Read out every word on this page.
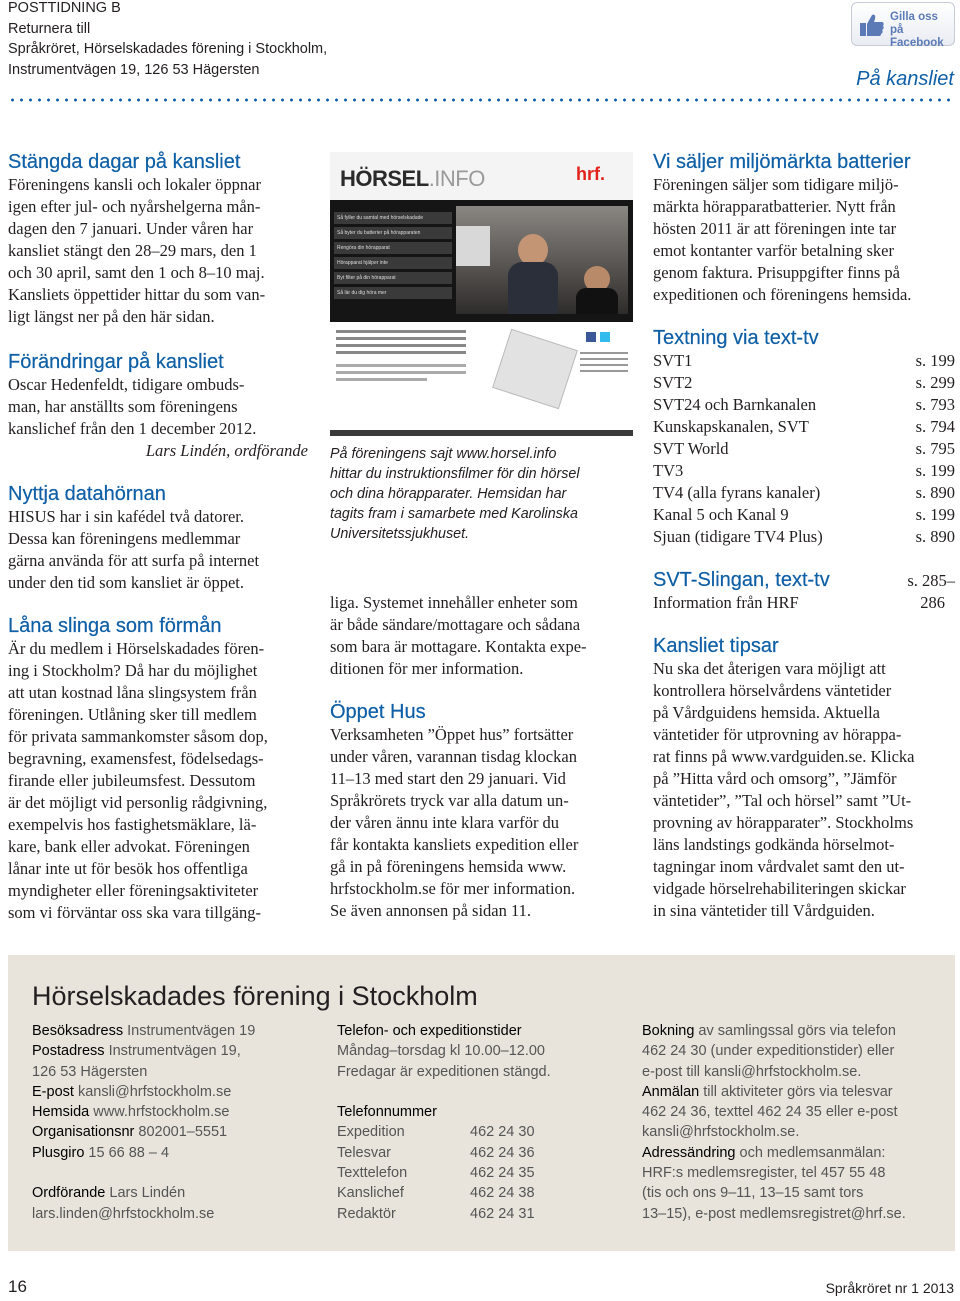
POSTTIDNING B
Returnera till
Språkröret, Hörselskadades förening i Stockholm,
Instrumentvägen 19, 126 53 Hägersten
Gilla oss på
Facebook
På kansliet
Stängda dagar på kansliet
Föreningens kansli och lokaler öppnar
igen efter jul- och nyårshelgerna mån-
dagen den 7 januari. Under våren har
kansliet stängt den 28–29 mars, den 1
och 30 april, samt den 1 och 8–10 maj.
Kansliets öppettider hittar du som van-
ligt längst ner på den här sidan.
Förändringar på kansliet
Oscar Hedenfeldt, tidigare ombuds-
man, har anställts som föreningens
kanslichef från den 1 december 2012.
Lars Lindén, ordförande
Nyttja datahörnan
HISUS har i sin kafédel två datorer.
Dessa kan föreningens medlemmar
gärna använda för att surfa på internet
under den tid som kansliet är öppet.
Låna slinga som förmån
Är du medlem i Hörselskadades fören-
ing i Stockholm? Då har du möjlighet
att utan kostnad låna slingsystem från
föreningen. Utlåning sker till medlem
för privata sammankomster såsom dop,
begravning, examensfest, födelsedags-
firande eller jubileumsfest. Dessutom
är det möjligt vid personlig rådgivning,
exempelvis hos fastighetsmäklare, lä-
kare, bank eller advokat. Föreningen
lånar inte ut för besök hos offentliga
myndigheter eller föreningsaktiviteter
som vi förväntar oss ska vara tillgäng-
HÖRSEL.INFO	hrf.
Så fyller du samtal med hörselskadade
Så byter du batterier på hörapparaten
Rengöra din hörapparat
Hörapparat hjälper inte
Byt filter på din hörapparat
Så lär du dig höra mer
På föreningens sajt www.horsel.info
hittar du instruktionsfilmer för din hörsel
och dina hörapparater. Hemsidan har
tagits fram i samarbete med Karolinska
Universitetssjukhuset.
liga. Systemet innehåller enheter som
är både sändare/mottagare och sådana
som bara är mottagare. Kontakta expe-
ditionen för mer information.
Öppet Hus
Verksamheten ”Öppet hus” fortsätter
under våren, varannan tisdag klockan
11–13 med start den 29 januari. Vid
Språkrörets tryck var alla datum un-
der våren ännu inte klara varför du
får kontakta kansliets expedition eller
gå in på föreningens hemsida www.
hrfstockholm.se för mer information.
Se även annonsen på sidan 11.
Vi säljer miljömärkta batterier
Föreningen säljer som tidigare miljö-
märkta hörapparatbatterier. Nytt från
hösten 2011 är att föreningen inte tar
emot kontanter varför betalning sker
genom faktura. Prisuppgifter finns på
expeditionen och föreningens hemsida.
Textning via text-tv
SVT1	s. 199
SVT2	s. 299
SVT24 och Barnkanalen	s. 793
Kunskapskanalen, SVT	s. 794
SVT World	s. 795
TV3	s. 199
TV4 (alla fyrans kanaler)	s. 890
Kanal 5 och Kanal 9	s. 199
Sjuan (tidigare TV4 Plus)	s. 890
SVT-Slingan, text-tv	s. 285–
Information från HRF	286
Kansliet tipsar
Nu ska det återigen vara möjligt att
kontrollera hörselvårdens väntetider
på Vårdguidens hemsida. Aktuella
väntetider för utprovning av hörappa-
rat finns på www.vardguiden.se. Klicka
på ”Hitta vård och omsorg”, ”Jämför
väntetider”, ”Tal och hörsel” samt ”Ut-
provning av hörapparater”. Stockholms
läns landstings godkända hörselmot-
tagningar inom vårdvalet samt den ut-
vidgade hörselrehabiliteringen skickar
in sina väntetider till Vårdguiden.
Hörselskadades förening i Stockholm
Besöksadress Instrumentvägen 19
Postadress Instrumentvägen 19,
126 53 Hägersten
E-post kansli@hrfstockholm.se
Hemsida www.hrfstockholm.se
Organisationsnr 802001–5551
Plusgiro 15 66 88 – 4
Ordförande Lars Lindén
lars.linden@hrfstockholm.se
Telefon- och expeditionstider
Måndag–torsdag kl 10.00–12.00
Fredagar är expeditionen stängd.
Telefonnummer
Expedition	462 24 30
Telesvar	462 24 36
Texttelefon	462 24 35
Kanslichef	462 24 38
Redaktör	462 24 31
Bokning av samlingssal görs via telefon
462 24 30 (under expeditionstider) eller
e-post till kansli@hrfstockholm.se.
Anmälan till aktiviteter görs via telesvar
462 24 36, texttel 462 24 35 eller e-post
kansli@hrfstockholm.se.
Adressändring och medlemsanmälan:
HRF:s medlemsregister, tel 457 55 48
(tis och ons 9–11, 13–15 samt tors
13–15), e-post medlemsregistret@hrf.se.
16	Språkröret nr 1 2013
